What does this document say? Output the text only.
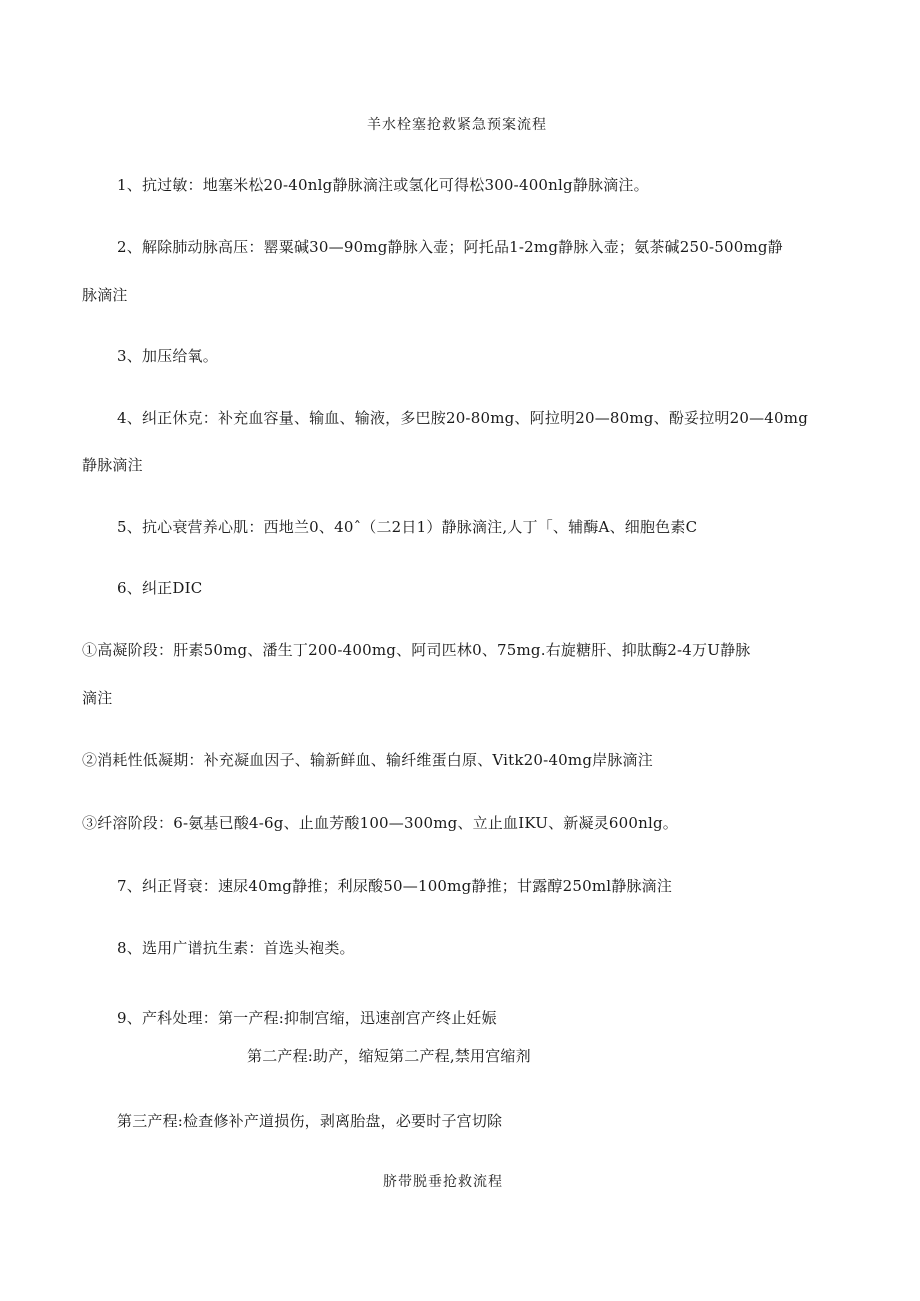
羊水栓塞抢救紧急预案流程
1、抗过敏：地塞米松20-40nlg静脉滴注或氢化可得松300-400nlg静脉滴注。
2、解除肺动脉高压：罂粟碱30—90mg静脉入壶；阿托品1-2mg静脉入壶；氨茶碱250-500mg静
脉滴注
3、加压给氧。
4、纠正休克：补充血容量、输血、输液，多巴胺20-80mg、阿拉明20—80mg、酚妥拉明20—40mg
静脉滴注
5、抗心衰营养心肌：西地兰0、40ˆ（二2日1）静脉滴注,人丁「、辅酶A、细胞色素C
6、纠正DIC
①高凝阶段：肝素50mg、潘生丁200-400mg、阿司匹林0、75mg.右旋糖肝、抑肽酶2-4万U静脉
滴注
②消耗性低凝期：补充凝血因子、输新鲜血、输纤维蛋白原、Vitk20-40mg岸脉滴注
③纤溶阶段：6-氨基已酸4-6g、止血芳酸100—300mg、立止血IKU、新凝灵600nlg。
7、纠正肾衰：速尿40mg静推；利尿酸50—100mg静推；甘露醇250ml静脉滴注
8、选用广谱抗生素：首选头袍类。
9、产科处理：第一产程:抑制宫缩，迅速剖宫产终止妊娠
第二产程:助产，缩短第二产程,禁用宫缩剂
第三产程:检查修补产道损伤，剥离胎盘，必要时子宫切除
脐带脱垂抢救流程
